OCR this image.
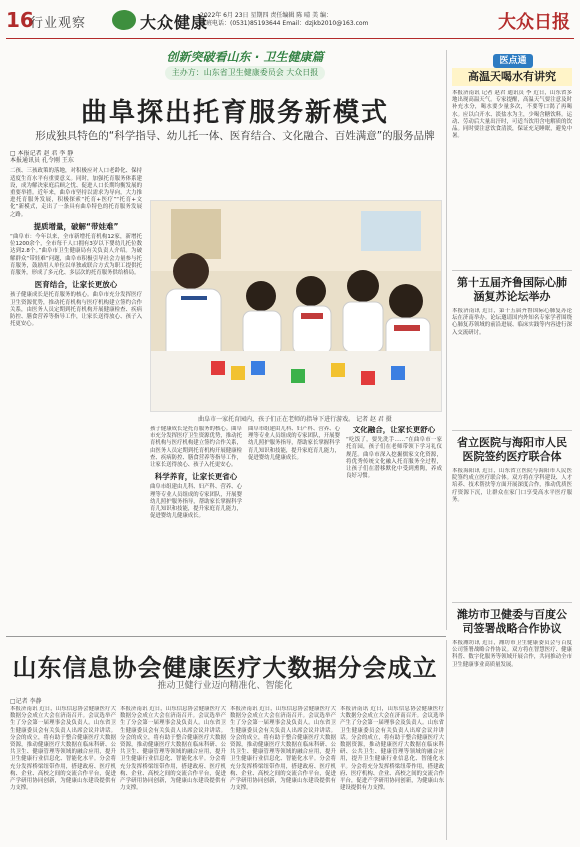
16
行业观察	大众健康
2022年 6月 23日 星期四 责任编辑 陈 晴 美 编：
值班电话：(0531)85193644 Email：dzjkb2010@163.com	大众日报
创新突破看山东 · 卫生健康篇
主办方：山东省卫生健康委员会 大众日报
曲阜探出托育服务新模式
形成独具特色的“科学指导、幼儿托一体、医育结合、文化融合、百姓满意”的服务品牌
□ 本报记者 赵 君 李 静
本报通讯员 孔令刚 王东

二孩、三孩政策的落地，对积极应对人口老龄化、保持适度生育水平有重要意义。同时，加强托育服务体系建设，成为解决家庭后顾之忧、促进人口长期均衡发展的重要举措。近年来，曲阜市坚持以需求为导向，大力推进托育服务发展，积极探索“托育+医疗”“托育+文化”新模式，走出了一条具有曲阜特色的托育服务发展之路。

提质增量，破解“带娃难”

“曲阜市：今年以来，全市新增托育机构12家，新增托位1200余个，全市每千人口拥有3岁以下婴幼儿托位数达到2.8个。”曲阜市卫生健康局有关负责人介绍。为破解群众“带娃难”问题，曲阜市积极引导社会力量参与托育服务，鼓励用人单位以单独或联合方式为职工提供托育服务，形成了多元化、多层次的托育服务供给格局。

医育结合，让家长更放心

孩子健康成长是托育服务的核心。曲阜市充分发挥医疗卫生资源优势，推动托育机构与医疗机构建立签约合作关系，由医务人员定期到托育机构开展健康检查、疾病防控、膳食营养等指导工作，让家长送得放心、孩子入托更安心。

曲阜市一家托育园内，孩子们正在老师的指导下进行游戏。 记者 赵 君 摄

孩子健康成长是托育服务的核心。曲阜市充分发挥医疗卫生资源优势，推动托育机构与医疗机构建立签约合作关系，由医务人员定期到托育机构开展健康检查、疾病防控、膳食营养等指导工作，让家长送得放心、孩子入托更安心。

科学养育，让家长更省心

曲阜市组建由儿科、妇产科、营养、心理等专业人员组成的专家团队，开展婴幼儿照护服务指导，帮助家长掌握科学育儿知识和技能，提升家庭育儿能力，促进婴幼儿健康成长。

曲阜市组建由儿科、妇产科、营养、心理等专业人员组成的专家团队，开展婴幼儿照护服务指导，帮助家长掌握科学育儿知识和技能，提升家庭育儿能力，促进婴幼儿健康成长。

文化融合，让家长更舒心

“吃饭了，要先洗手……”在曲阜市一家托育园，孩子们在老师带领下学习礼仪规范。曲阜市深入挖掘儒家文化资源，将优秀传统文化融入托育服务全过程，让孩子们在潜移默化中受到熏陶，养成良好习惯。

医点通
高温天喝水有讲究
本报济南讯 记者 赵君 通讯员 李 近日，山东省多地出现高温天气。专家提醒，高温天气要注意及时补充水分，喝水要少量多次，不要等口渴了再喝水。应以白开水、淡盐水为主，少喝含糖饮料。运动、劳动后大量出汗时，可适当饮用含电解质的饮品。同时要注意饮食清淡，保证充足睡眠，避免中暑。
第十五届齐鲁国际心肺涵复苏论坛举办
本报济南讯 近日，第十五届齐鲁国际心肺复苏论坛在济南举办。论坛邀请国内外知名专家学者围绕心肺复苏领域的前沿进展、临床实践等内容进行深入交流研讨。
省立医院与海阳市人民医院签约医疗联合体
本报海阳讯 近日，山东省立医院与海阳市人民医院签约成立医疗联合体。双方将在学科建设、人才培养、技术帮扶等方面开展深度合作，推动优质医疗资源下沉，让群众在家门口享受高水平医疗服务。
山东信息协会健康医疗大数据分会成立
推动卫健行业迈向精准化、智能化
□记者 李静
本报济南讯 近日，山东信息协会健康医疗大数据分会成立大会在济南召开。会议选举产生了分会第一届理事会及负责人。山东省卫生健康委员会有关负责人出席会议并讲话。分会的成立，将有助于整合健康医疗大数据资源，推动健康医疗大数据在临床科研、公共卫生、健康管理等领域的融合应用，提升卫生健康行业信息化、智能化水平。分会将充分发挥桥梁纽带作用，搭建政府、医疗机构、企业、高校之间的交流合作平台，促进产学研用协同创新，为健康山东建设提供有力支撑。
本报济南讯 近日，山东信息协会健康医疗大数据分会成立大会在济南召开。会议选举产生了分会第一届理事会及负责人。山东省卫生健康委员会有关负责人出席会议并讲话。分会的成立，将有助于整合健康医疗大数据资源，推动健康医疗大数据在临床科研、公共卫生、健康管理等领域的融合应用，提升卫生健康行业信息化、智能化水平。分会将充分发挥桥梁纽带作用，搭建政府、医疗机构、企业、高校之间的交流合作平台，促进产学研用协同创新，为健康山东建设提供有力支撑。
本报济南讯 近日，山东信息协会健康医疗大数据分会成立大会在济南召开。会议选举产生了分会第一届理事会及负责人。山东省卫生健康委员会有关负责人出席会议并讲话。分会的成立，将有助于整合健康医疗大数据资源，推动健康医疗大数据在临床科研、公共卫生、健康管理等领域的融合应用，提升卫生健康行业信息化、智能化水平。分会将充分发挥桥梁纽带作用，搭建政府、医疗机构、企业、高校之间的交流合作平台，促进产学研用协同创新，为健康山东建设提供有力支撑。
本报济南讯 近日，山东信息协会健康医疗大数据分会成立大会在济南召开。会议选举产生了分会第一届理事会及负责人。山东省卫生健康委员会有关负责人出席会议并讲话。分会的成立，将有助于整合健康医疗大数据资源，推动健康医疗大数据在临床科研、公共卫生、健康管理等领域的融合应用，提升卫生健康行业信息化、智能化水平。分会将充分发挥桥梁纽带作用，搭建政府、医疗机构、企业、高校之间的交流合作平台，促进产学研用协同创新，为健康山东建设提供有力支撑。
潍坊市卫健委与百度公司签署战略合作协议
本报潍坊讯 近日，潍坊市卫生健康委员会与百度公司签署战略合作协议。双方将在智慧医疗、健康科普、数字化服务等领域开展合作，共同推动全市卫生健康事业高质量发展。
